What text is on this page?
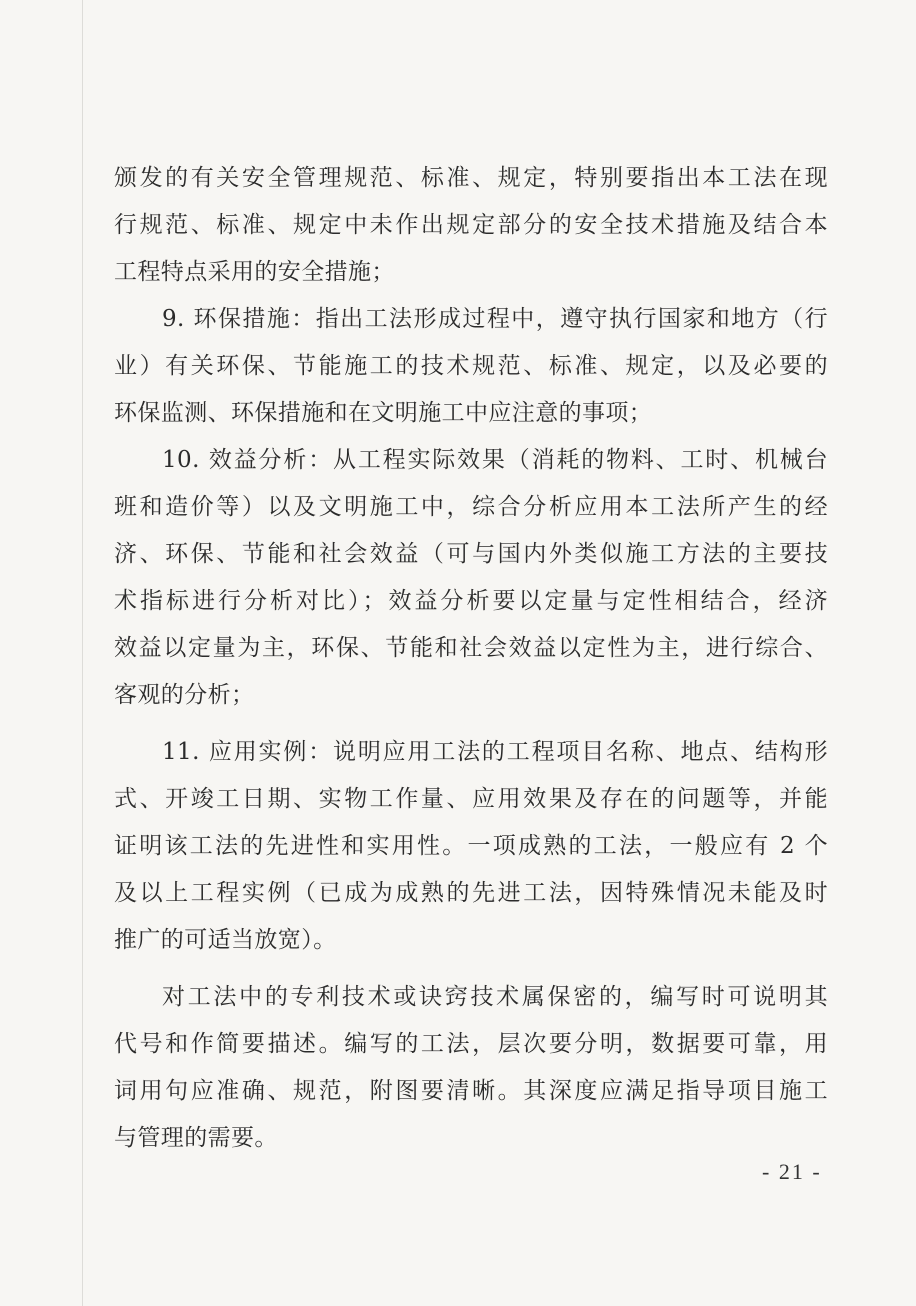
颁发的有关安全管理规范、标准、规定，特别要指出本工法在现
行规范、标准、规定中未作出规定部分的安全技术措施及结合本
工程特点采用的安全措施；
9. 环保措施：指出工法形成过程中，遵守执行国家和地方（行
业）有关环保、节能施工的技术规范、标准、规定，以及必要的
环保监测、环保措施和在文明施工中应注意的事项；
10. 效益分析：从工程实际效果（消耗的物料、工时、机械台
班和造价等）以及文明施工中，综合分析应用本工法所产生的经
济、环保、节能和社会效益（可与国内外类似施工方法的主要技
术指标进行分析对比）；效益分析要以定量与定性相结合，经济
效益以定量为主，环保、节能和社会效益以定性为主，进行综合、
客观的分析；
11. 应用实例：说明应用工法的工程项目名称、地点、结构形
式、开竣工日期、实物工作量、应用效果及存在的问题等，并能
证明该工法的先进性和实用性。一项成熟的工法，一般应有 2 个
及以上工程实例（已成为成熟的先进工法，因特殊情况未能及时
推广的可适当放宽）。
对工法中的专利技术或诀窍技术属保密的，编写时可说明其
代号和作简要描述。编写的工法，层次要分明，数据要可靠，用
词用句应准确、规范，附图要清晰。其深度应满足指导项目施工
与管理的需要。
- 21 -
